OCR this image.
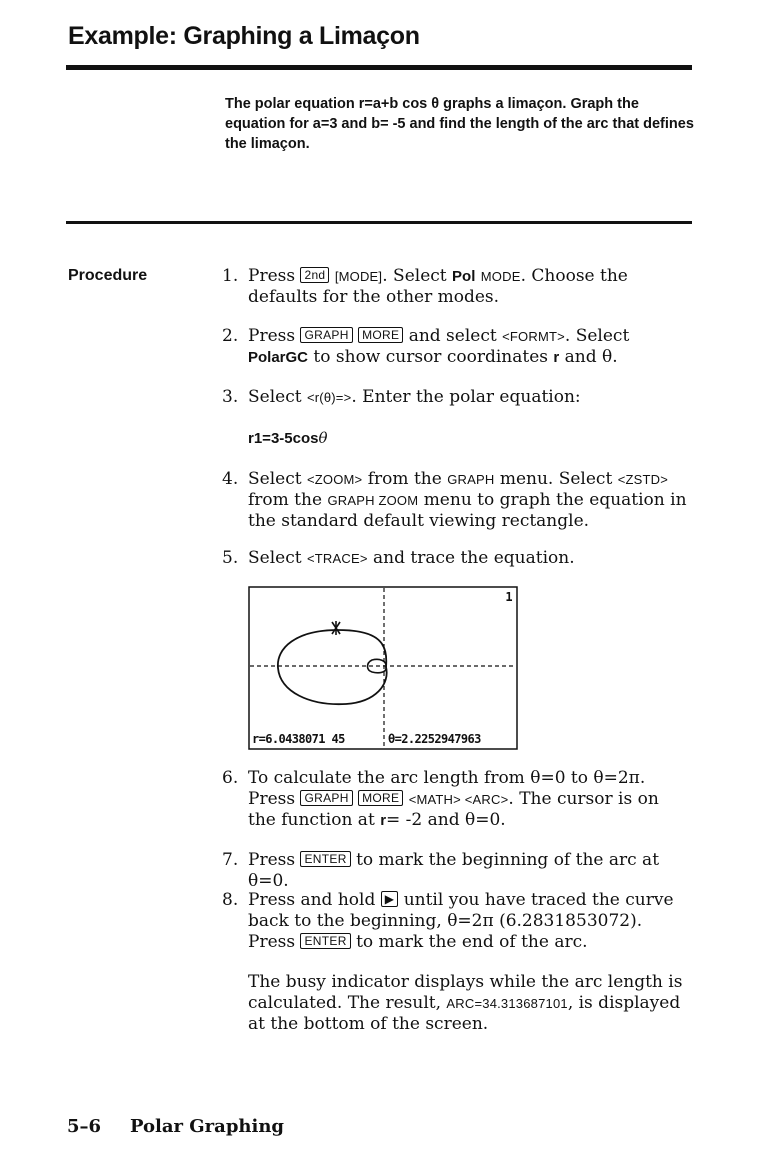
Example: Graphing a Limaçon

The polar equation r=a+b cos θ graphs a limaçon. Graph the equation for a=3 and b= -5 and find the length of the arc that defines the limaçon.

Procedure	1. Press 2nd [MODE]. Select Pol MODE. Choose the defaults for the other modes.
2. Press GRAPH MORE and select <FORMT>. Select PolarGC to show cursor coordinates r and θ.
3. Select <r(θ)=>. Enter the polar equation:
r1=3-5cosθ
4. Select <ZOOM> from the GRAPH menu. Select <ZSTD> from the GRAPH ZOOM menu to graph the equation in the standard default viewing rectangle.
5. Select <TRACE> and trace the equation.
1
r=6.0438071 45	θ=2.2252947963
6. To calculate the arc length from θ=0 to θ=2π. Press GRAPH MORE <MATH> <ARC>. The cursor is on the function at r= -2 and θ=0.
7. Press ENTER to mark the beginning of the arc at θ=0.
8. Press and hold ▶ until you have traced the curve back to the beginning, θ=2π (6.2831853072). Press ENTER to mark the end of the arc.

The busy indicator displays while the arc length is calculated. The result, ARC=34.313687101, is displayed at the bottom of the screen.

5–6 Polar Graphing
